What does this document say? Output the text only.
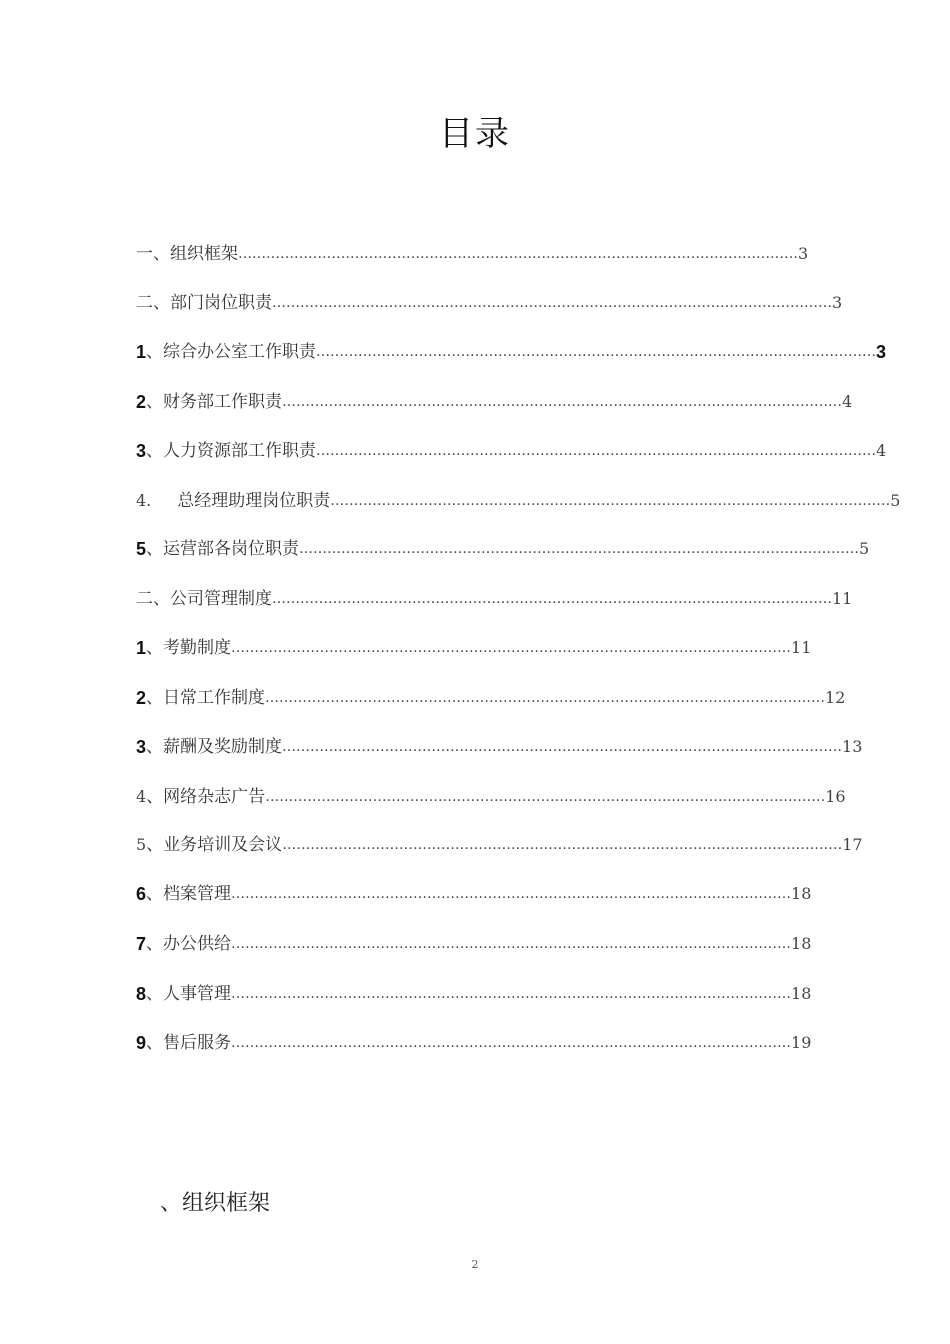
目录
一、组织框架 ………………………………………………………………………………………………………… 3
二、部门岗位职责 ………………………………………………………………………………………………………… 3
1 、综合办公室工作职责 ………………………………………………………………………………………………………… 3
2 、财务部工作职责 ………………………………………………………………………………………………………… 4
3 、人力资源部工作职责 ………………………………………………………………………………………………………… 4
4. 总经理助理岗位职责 ………………………………………………………………………………………………………… 5
5 、运营部各岗位职责 ………………………………………………………………………………………………………… 5
二、公司管理制度 ………………………………………………………………………………………………………… 11
1 、考勤制度 ………………………………………………………………………………………………………… 11
2 、日常工作制度 ………………………………………………………………………………………………………… 12
3 、薪酬及奖励制度 ………………………………………………………………………………………………………… 13
4 、网络杂志广告 ………………………………………………………………………………………………………… 16
5 、业务培训及会议 ………………………………………………………………………………………………………… 17
6 、档案管理 ………………………………………………………………………………………………………… 18
7 、办公供给 ………………………………………………………………………………………………………… 18
8 、人事管理 ………………………………………………………………………………………………………… 18
9 、售后服务 ………………………………………………………………………………………………………… 19
、组织框架
2
